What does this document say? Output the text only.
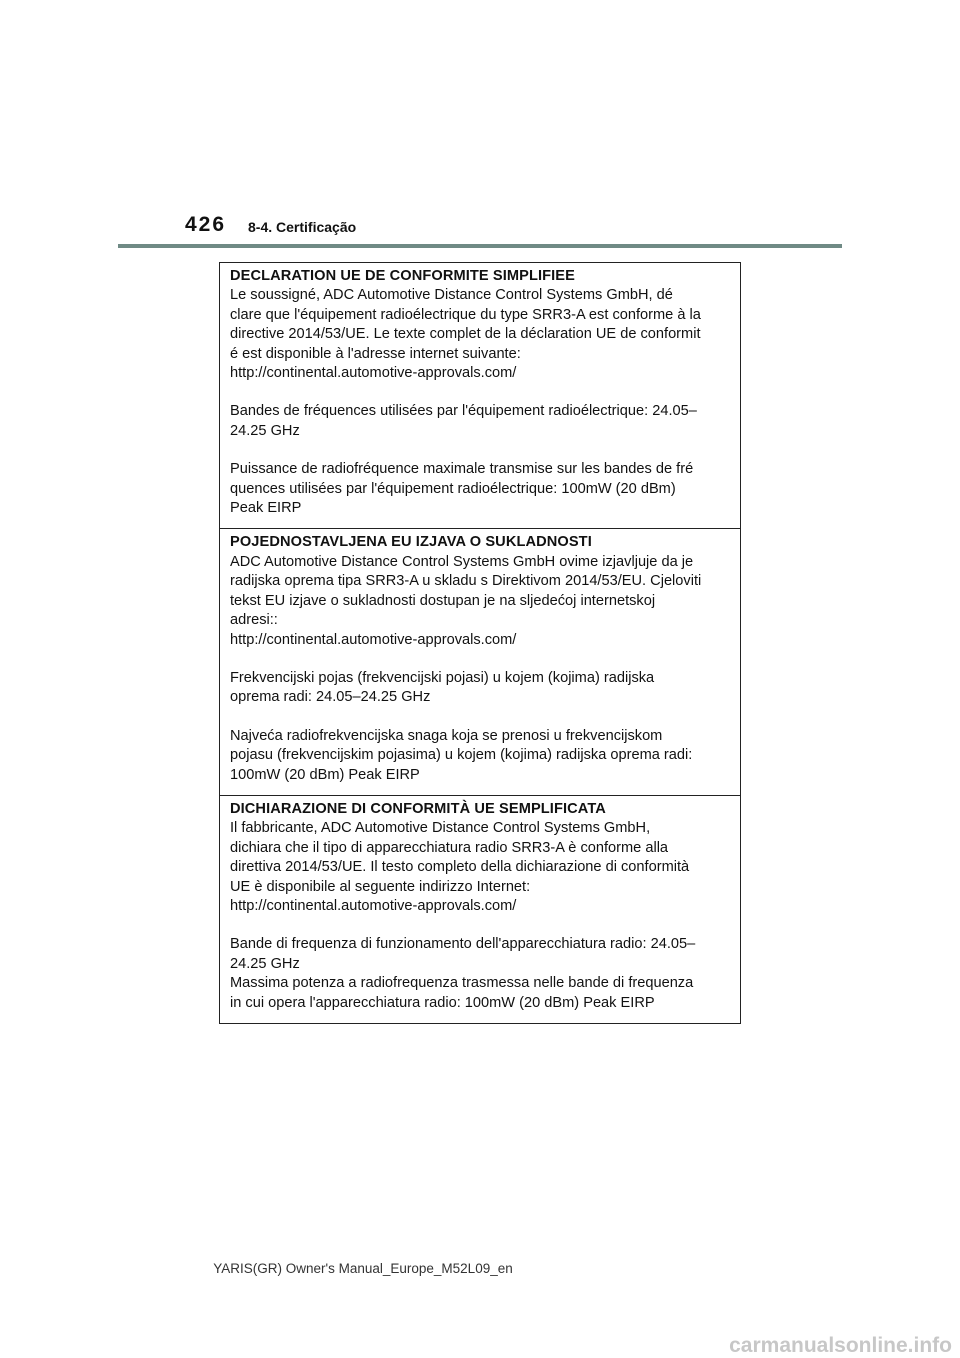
426 8-4. Certificação
DECLARATION UE DE CONFORMITE SIMPLIFIEE
Le soussigné, ADC Automotive Distance Control Systems GmbH, dé
clare que l'équipement radioélectrique du type SRR3-A est conforme à la
directive 2014/53/UE. Le texte complet de la déclaration UE de conformit
é est disponible à l'adresse internet suivante:
http://continental.automotive-approvals.com/
Bandes de fréquences utilisées par l'équipement radioélectrique: 24.05–
24.25 GHz
Puissance de radiofréquence maximale transmise sur les bandes de fré
quences utilisées par l'équipement radioélectrique: 100mW (20 dBm)
Peak EIRP
POJEDNOSTAVLJENA EU IZJAVA O SUKLADNOSTI
ADC Automotive Distance Control Systems GmbH ovime izjavljuje da je
radijska oprema tipa SRR3-A u skladu s Direktivom 2014/53/EU. Cjeloviti
tekst EU izjave o sukladnosti dostupan je na sljedećoj internetskoj
adresi::
http://continental.automotive-approvals.com/
Frekvencijski pojas (frekvencijski pojasi) u kojem (kojima) radijska
oprema radi: 24.05–24.25 GHz
Najveća radiofrekvencijska snaga koja se prenosi u frekvencijskom
pojasu (frekvencijskim pojasima) u kojem (kojima) radijska oprema radi:
100mW (20 dBm) Peak EIRP
DICHIARAZIONE DI CONFORMITÀ UE SEMPLIFICATA
Il fabbricante, ADC Automotive Distance Control Systems GmbH,
dichiara che il tipo di apparecchiatura radio SRR3-A è conforme alla
direttiva 2014/53/UE. Il testo completo della dichiarazione di conformità
UE è disponibile al seguente indirizzo Internet:
http://continental.automotive-approvals.com/
Bande di frequenza di funzionamento dell'apparecchiatura radio: 24.05–
24.25 GHz
Massima potenza a radiofrequenza trasmessa nelle bande di frequenza
in cui opera l'apparecchiatura radio: 100mW (20 dBm) Peak EIRP
YARIS(GR) Owner's Manual_Europe_M52L09_en
carmanualsonline.info
